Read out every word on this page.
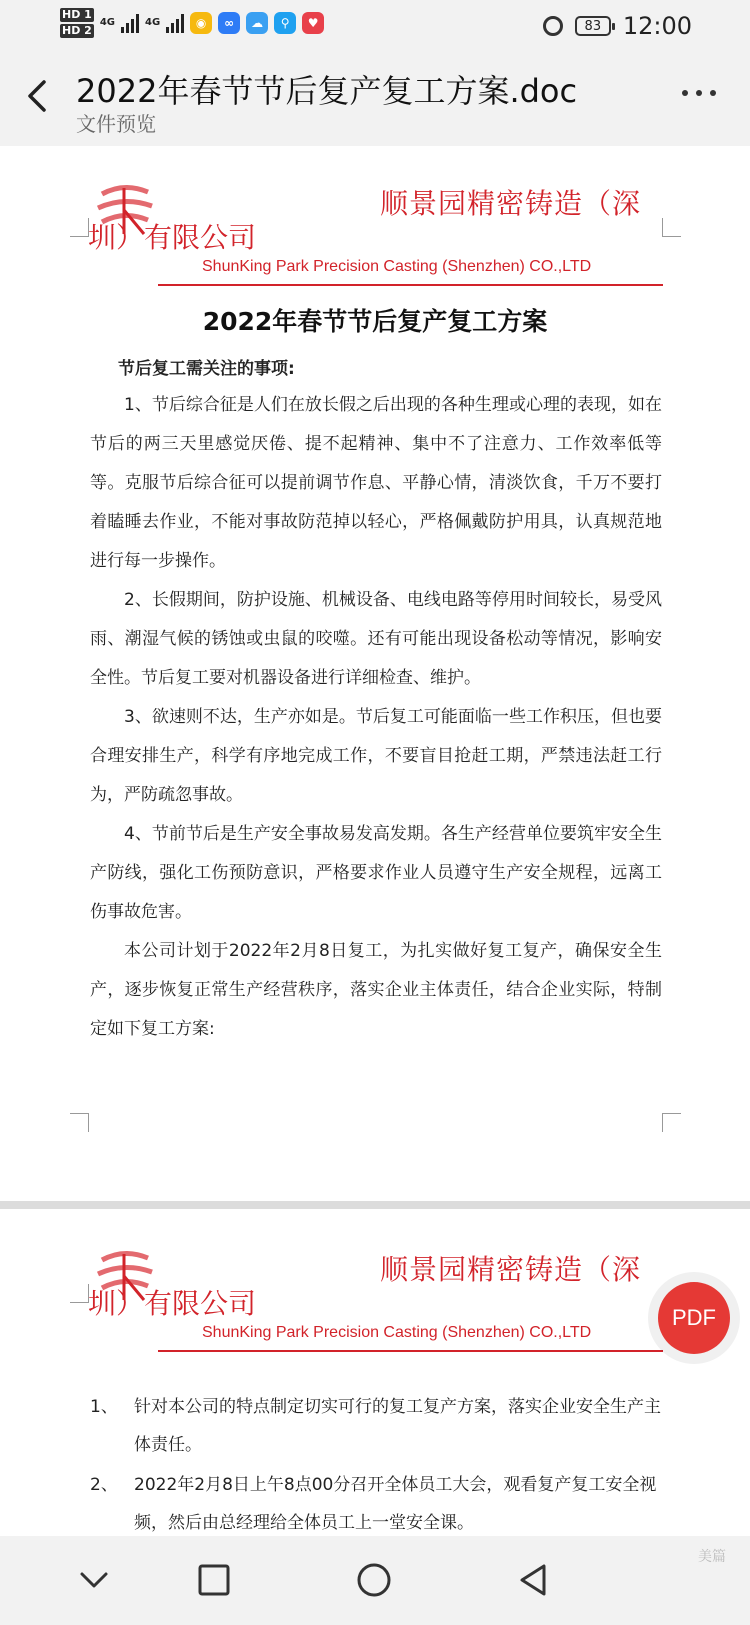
HD 1
HD 2
4G	4G	◉	∞	☁	⚲	♥	83 12:00
2022年春节节后复产复工方案.doc
文件预览
顺景园精密铸造（深
圳）有限公司
ShunKing Park Precision Casting (Shenzhen) CO.,LTD
2022年春节节后复产复工方案
节后复工需关注的事项:
1、节后综合征是人们在放长假之后出现的各种生理或心理的表现，如在节后的两三天里感觉厌倦、提不起精神、集中不了注意力、工作效率低等等。克服节后综合征可以提前调节作息、平静心情，清淡饮食，千万不要打着瞌睡去作业，不能对事故防范掉以轻心，严格佩戴防护用具，认真规范地进行每一步操作。
2、长假期间，防护设施、机械设备、电线电路等停用时间较长，易受风雨、潮湿气候的锈蚀或虫鼠的咬噬。还有可能出现设备松动等情况，影响安全性。节后复工要对机器设备进行详细检查、维护。
3、欲速则不达，生产亦如是。节后复工可能面临一些工作积压，但也要合理安排生产，科学有序地完成工作，不要盲目抢赶工期，严禁违法赶工行为，严防疏忽事故。
4、节前节后是生产安全事故易发高发期。各生产经营单位要筑牢安全生产防线，强化工伤预防意识，严格要求作业人员遵守生产安全规程，远离工伤事故危害。
本公司计划于2022年2月8日复工，为扎实做好复工复产，确保安全生产，逐步恢复正常生产经营秩序，落实企业主体责任，结合企业实际，特制定如下复工方案:
顺景园精密铸造（深
圳）有限公司
ShunKing Park Precision Casting (Shenzhen) CO.,LTD
1、 针对本公司的特点制定切实可行的复工复产方案，落实企业安全生产主体责任。
2、 2022年2月8日上午8点00分召开全体员工大会，观看复产复工安全视频，然后由总经理给全体员工上一堂安全课。
PDF
美篇
